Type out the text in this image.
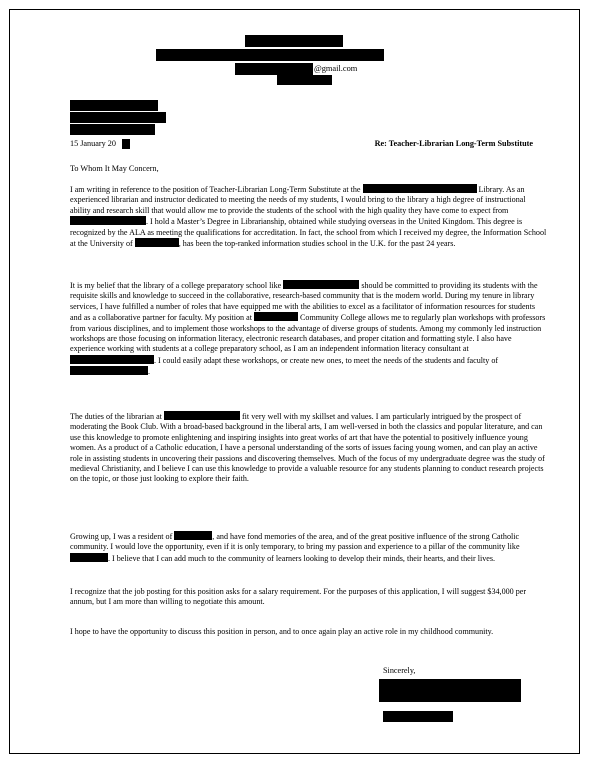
@gmail.com
15 January 20	Re: Teacher-Librarian Long-Term Substitute
To Whom It May Concern,

I am writing in reference to the position of Teacher-Librarian Long-Term Substitute at the	Library. As an experienced librarian and instructor dedicated to meeting the needs of my students, I would bring to the library a high degree of instructional ability and research skill that would allow me to provide the students of the school with the high quality they have come to expect from . I hold a Master’s Degree in Librarianship, obtained while studying overseas in the United Kingdom. This degree is recognized by the ALA as meeting the qualifications for accreditation. In fact, the school from which I received my degree, the Information School at the University of	, has been the top-ranked information studies school in the U.K. for the past 24 years.

It is my belief that the library of a college preparatory school like	should be committed to providing its students with the requisite skills and knowledge to succeed in the collaborative, research-based community that is the modern world. During my tenure in library services, I have fulfilled a number of roles that have equipped me with the abilities to excel as a facilitator of information resources for students and as a collaborative partner for faculty. My position at	Community College allows me to regularly plan workshops with professors from various disciplines, and to implement those workshops to the advantage of diverse groups of students. Among my commonly led instruction workshops are those focusing on information literacy, electronic research databases, and proper citation and formatting style. I also have experience working with students at a college preparatory school, as I am an independent information literacy consultant at . I could easily adapt these workshops, or create new ones, to meet the needs of the students and faculty of .

The duties of the librarian at	fit very well with my skillset and values. I am particularly intrigued by the prospect of moderating the Book Club. With a broad-based background in the liberal arts, I am well-versed in both the classics and popular literature, and can use this knowledge to promote enlightening and inspiring insights into great works of art that have the potential to positively influence young women. As a product of a Catholic education, I have a personal understanding of the sorts of issues facing young women, and can play an active role in assisting students in uncovering their passions and discovering themselves. Much of the focus of my undergraduate degree was the study of medieval Christianity, and I believe I can use this knowledge to provide a valuable resource for any students planning to conduct research projects on the topic, or those just looking to explore their faith.

Growing up, I was a resident of	, and have fond memories of the area, and of the great positive influence of the strong Catholic community. I would love the opportunity, even if it is only temporary, to bring my passion and experience to a pillar of the community like . I believe that I can add much to the community of learners looking to develop their minds, their hearts, and their lives.

I recognize that the job posting for this position asks for a salary requirement. For the purposes of this application, I will suggest $34,000 per annum, but I am more than willing to negotiate this amount.

I hope to have the opportunity to discuss this position in person, and to once again play an active role in my childhood community.

Sincerely,
